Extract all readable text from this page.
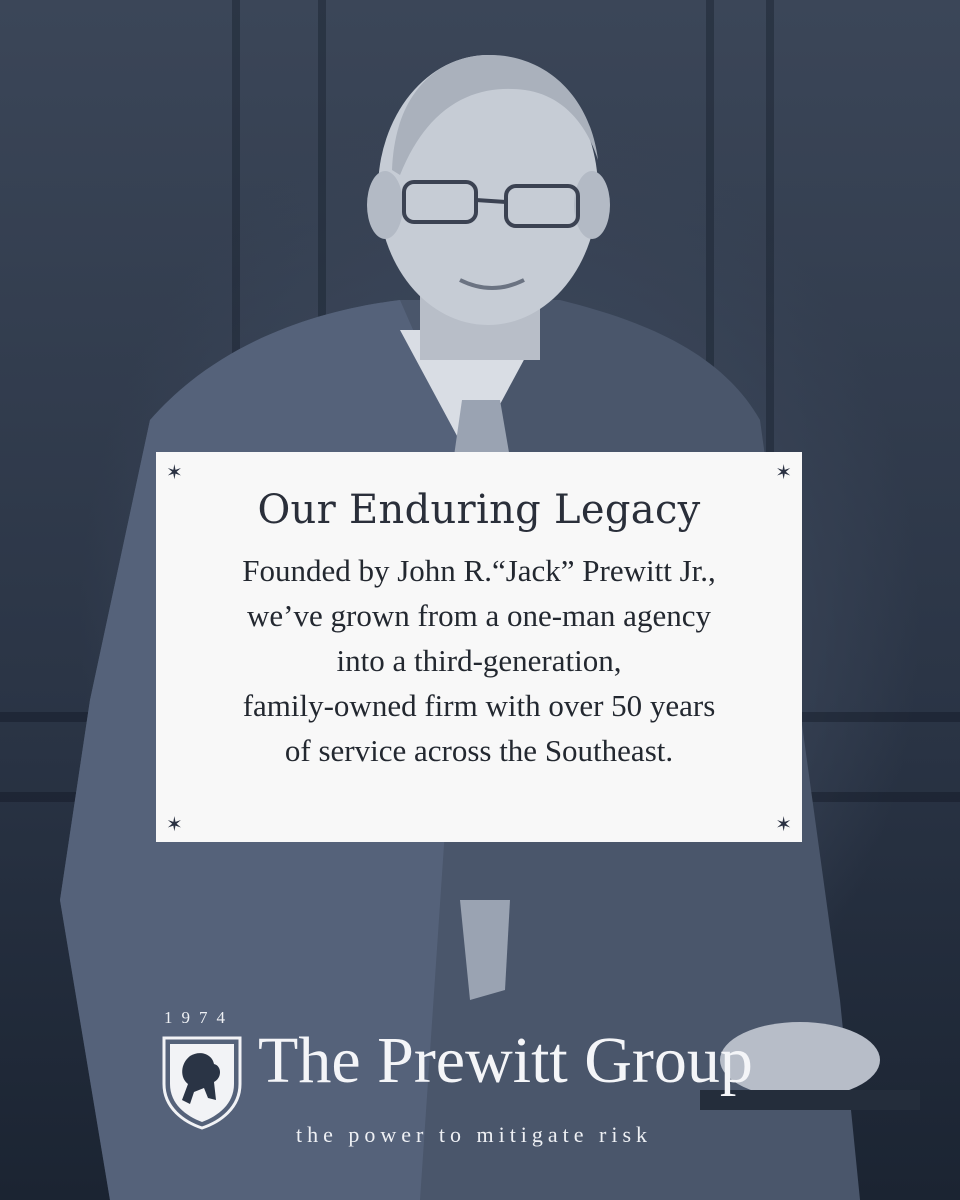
✶	✶
✶	✶
Our Enduring Legacy
Founded by John R.“Jack” Prewitt Jr.,
we’ve grown from a one-man agency
into a third-generation,
family-owned firm with over 50 years
of service across the Southeast.
1974
The Prewitt Group
the power to mitigate risk
